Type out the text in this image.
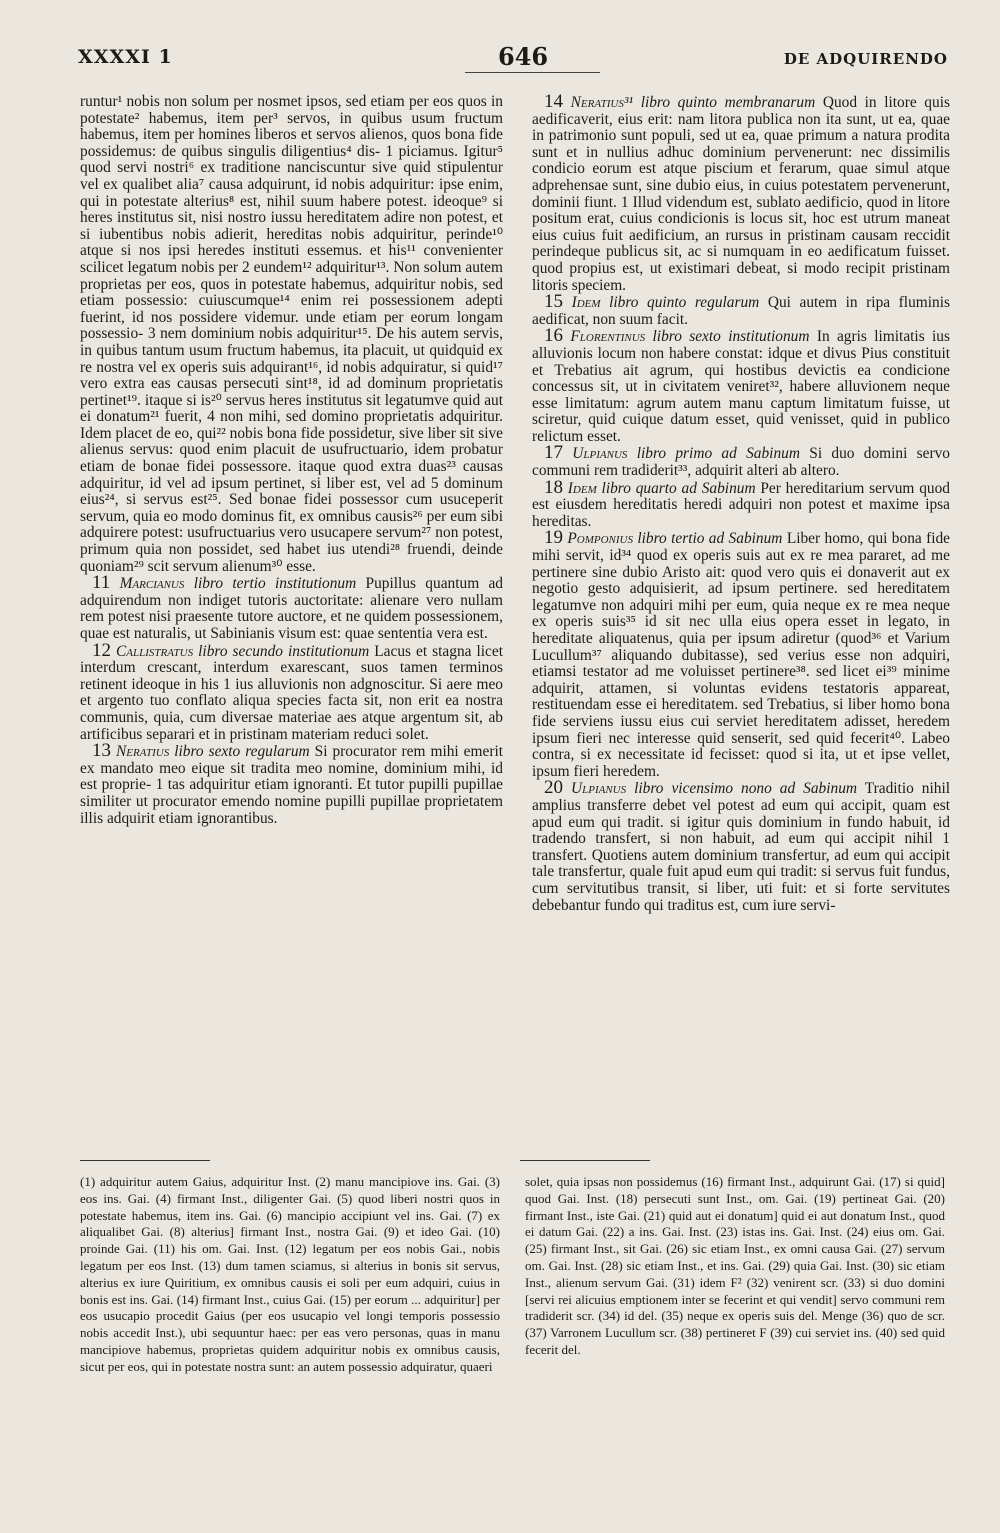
XXXXI 1	646	DE ADQUIRENDO

runtur¹ nobis non solum per nosmet ipsos, sed etiam per eos quos in potestate² habemus, item per³ servos, in quibus usum fructum habemus, item per homines liberos et servos alienos, quos bona fide possidemus: de quibus singulis diligentius⁴ dis- 1 piciamus. Igitur⁵ quod servi nostri⁶ ex traditione nanciscuntur sive quid stipulentur vel ex qualibet alia⁷ causa adquirunt, id nobis adquiritur: ipse enim, qui in potestate alterius⁸ est, nihil suum habere potest. ideoque⁹ si heres institutus sit, nisi nostro iussu hereditatem adire non potest, et si iubentibus nobis adierit, hereditas nobis adquiritur, perinde¹⁰ atque si nos ipsi heredes instituti essemus. et his¹¹ convenienter scilicet legatum nobis per 2 eundem¹² adquiritur¹³. Non solum autem proprietas per eos, quos in potestate habemus, adquiritur nobis, sed etiam possessio: cuiuscumque¹⁴ enim rei possessionem adepti fuerint, id nos possidere videmur. unde etiam per eorum longam possessio- 3 nem dominium nobis adquiritur¹⁵. De his autem servis, in quibus tantum usum fructum habemus, ita placuit, ut quidquid ex re nostra vel ex operis suis adquirant¹⁶, id nobis adquiratur, si quid¹⁷ vero extra eas causas persecuti sint¹⁸, id ad dominum proprietatis pertinet¹⁹. itaque si is²⁰ servus heres institutus sit legatumve quid aut ei donatum²¹ fuerit, 4 non mihi, sed domino proprietatis adquiritur. Idem placet de eo, qui²² nobis bona fide possidetur, sive liber sit sive alienus servus: quod enim placuit de usufructuario, idem probatur etiam de bonae fidei possessore. itaque quod extra duas²³ causas adquiritur, id vel ad ipsum pertinet, si liber est, vel ad 5 dominum eius²⁴, si servus est²⁵. Sed bonae fidei possessor cum usuceperit servum, quia eo modo dominus fit, ex omnibus causis²⁶ per eum sibi adquirere potest: usufructuarius vero usucapere servum²⁷ non potest, primum quia non possidet, sed habet ius utendi²⁸ fruendi, deinde quoniam²⁹ scit servum alienum³⁰ esse.

11 Marcianus libro tertio institutionum Pupillus quantum ad adquirendum non indiget tutoris auctoritate: alienare vero nullam rem potest nisi praesente tutore auctore, et ne quidem possessionem, quae est naturalis, ut Sabinianis visum est: quae sententia vera est.

12 Callistratus libro secundo institutionum Lacus et stagna licet interdum crescant, interdum exarescant, suos tamen terminos retinent ideoque in his 1 ius alluvionis non adgnoscitur. Si aere meo et argento tuo conflato aliqua species facta sit, non erit ea nostra communis, quia, cum diversae materiae aes atque argentum sit, ab artificibus separari et in pristinam materiam reduci solet.

13 Neratius libro sexto regularum Si procurator rem mihi emerit ex mandato meo eique sit tradita meo nomine, dominium mihi, id est proprie- 1 tas adquiritur etiam ignoranti. Et tutor pupilli pupillae similiter ut procurator emendo nomine pupilli pupillae proprietatem illis adquirit etiam ignorantibus.

14 Neratius³¹ libro quinto membranarum Quod in litore quis aedificaverit, eius erit: nam litora publica non ita sunt, ut ea, quae in patrimonio sunt populi, sed ut ea, quae primum a natura prodita sunt et in nullius adhuc dominium pervenerunt: nec dissimilis condicio eorum est atque piscium et ferarum, quae simul atque adprehensae sunt, sine dubio eius, in cuius potestatem pervenerunt, dominii fiunt. 1 Illud videndum est, sublato aedificio, quod in litore positum erat, cuius condicionis is locus sit, hoc est utrum maneat eius cuius fuit aedificium, an rursus in pristinam causam reccidit perindeque publicus sit, ac si numquam in eo aedificatum fuisset. quod propius est, ut existimari debeat, si modo recipit pristinam litoris speciem.

15 Idem libro quinto regularum Qui autem in ripa fluminis aedificat, non suum facit.

16 Florentinus libro sexto institutionum In agris limitatis ius alluvionis locum non habere constat: idque et divus Pius constituit et Trebatius ait agrum, qui hostibus devictis ea condicione concessus sit, ut in civitatem veniret³², habere alluvionem neque esse limitatum: agrum autem manu captum limitatum fuisse, ut sciretur, quid cuique datum esset, quid venisset, quid in publico relictum esset.

17 Ulpianus libro primo ad Sabinum Si duo domini servo communi rem tradiderit³³, adquirit alteri ab altero.

18 Idem libro quarto ad Sabinum Per hereditarium servum quod est eiusdem hereditatis heredi adquiri non potest et maxime ipsa hereditas.

19 Pomponius libro tertio ad Sabinum Liber homo, qui bona fide mihi servit, id³⁴ quod ex operis suis aut ex re mea pararet, ad me pertinere sine dubio Aristo ait: quod vero quis ei donaverit aut ex negotio gesto adquisierit, ad ipsum pertinere. sed hereditatem legatumve non adquiri mihi per eum, quia neque ex re mea neque ex operis suis³⁵ id sit nec ulla eius opera esset in legato, in hereditate aliquatenus, quia per ipsum adiretur (quod³⁶ et Varium Lucullum³⁷ aliquando dubitasse), sed verius esse non adquiri, etiamsi testator ad me voluisset pertinere³⁸. sed licet ei³⁹ minime adquirit, attamen, si voluntas evidens testatoris appareat, restituendam esse ei hereditatem. sed Trebatius, si liber homo bona fide serviens iussu eius cui serviet hereditatem adisset, heredem ipsum fieri nec interesse quid senserit, sed quid fecerit⁴⁰. Labeo contra, si ex necessitate id fecisset: quod si ita, ut et ipse vellet, ipsum fieri heredem.

20 Ulpianus libro vicensimo nono ad Sabinum Traditio nihil amplius transferre debet vel potest ad eum qui accipit, quam est apud eum qui tradit. si igitur quis dominium in fundo habuit, id tradendo transfert, si non habuit, ad eum qui accipit nihil 1 transfert. Quotiens autem dominium transfertur, ad eum qui accipit tale transfertur, quale fuit apud eum qui tradit: si servus fuit fundus, cum servitutibus transit, si liber, uti fuit: et si forte servitutes debebantur fundo qui traditus est, cum iure servi-

(1) adquiritur autem Gaius, adquiritur Inst. (2) manu mancipiove ins. Gai. (3) eos ins. Gai. (4) firmant Inst., diligenter Gai. (5) quod liberi nostri quos in potestate habemus, item ins. Gai. (6) mancipio accipiunt vel ins. Gai. (7) ex aliqualibet Gai. (8) alterius] firmant Inst., nostra Gai. (9) et ideo Gai. (10) proinde Gai. (11) his om. Gai. Inst. (12) legatum per eos nobis Gai., nobis legatum per eos Inst. (13) dum tamen sciamus, si alterius in bonis sit servus, alterius ex iure Quiritium, ex omnibus causis ei soli per eum adquiri, cuius in bonis est ins. Gai. (14) firmant Inst., cuius Gai. (15) per eorum ... adquiritur] per eos usucapio procedit Gaius (per eos usucapio vel longi temporis possessio nobis accedit Inst.), ubi sequuntur haec: per eas vero personas, quas in manu mancipiove habemus, proprietas quidem adquiritur nobis ex omnibus causis, sicut per eos, qui in potestate nostra sunt: an autem possessio adquiratur, quaeri

solet, quia ipsas non possidemus (16) firmant Inst., adquirunt Gai. (17) si quid] quod Gai. Inst. (18) persecuti sunt Inst., om. Gai. (19) pertineat Gai. (20) firmant Inst., iste Gai. (21) quid aut ei donatum] quid ei aut donatum Inst., quod ei datum Gai. (22) a ins. Gai. Inst. (23) istas ins. Gai. Inst. (24) eius om. Gai. (25) firmant Inst., sit Gai. (26) sic etiam Inst., ex omni causa Gai. (27) servum om. Gai. Inst. (28) sic etiam Inst., et ins. Gai. (29) quia Gai. Inst. (30) sic etiam Inst., alienum servum Gai. (31) idem F² (32) venirent scr. (33) si duo domini [servi rei alicuius emptionem inter se fecerint et qui vendit] servo communi rem tradiderit scr. (34) id del. (35) neque ex operis suis del. Menge (36) quo de scr. (37) Varronem Lucullum scr. (38) pertineret F (39) cui serviet ins. (40) sed quid fecerit del.
